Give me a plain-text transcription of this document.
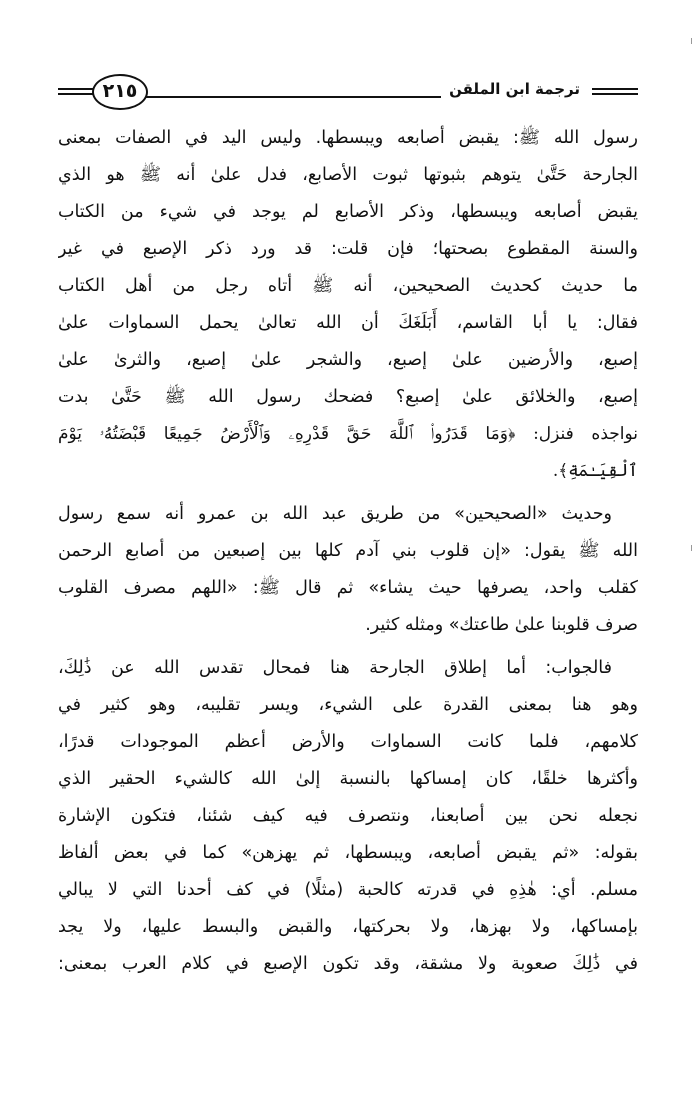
٢١٥	ترجمة ابن الملقن
رسول الله ﷺ: يقبض أصابعه ويبسطها. وليس اليد في الصفات بمعنى
الجارحة حَتَّىٰ يتوهم بثبوتها ثبوت الأصابع، فدل علىٰ أنه ﷺ هو الذي
يقبض أصابعه ويبسطها، وذكر الأصابع لم يوجد في شيء من الكتاب
والسنة المقطوع بصحتها؛ فإن قلت: قد ورد ذكر الإصبع في غير
ما حديث كحديث الصحيحين، أنه ﷺ أتاه رجل من أهل الكتاب
فقال: يا أبا القاسم، أَبَلَغَكَ أن الله تعالىٰ يحمل السماوات علىٰ
إصبع، والأرضين علىٰ إصبع، والشجر علىٰ إصبع، والثرىٰ علىٰ
إصبع، والخلائق علىٰ إصبع؟ فضحك رسول الله ﷺ حَتَّىٰ بدت
نواجذه فنزل: ﴿وَمَا قَدَرُوا۟ ٱللَّهَ حَقَّ قَدْرِهِۦ وَٱلْأَرْضُ جَمِيعًا قَبْضَتُهُۥ يَوْمَ
ٱلْقِيَـٰمَةِ﴾.
وحديث «الصحيحين» من طريق عبد الله بن عمرو أنه سمع رسول
الله ﷺ يقول: «إن قلوب بني آدم كلها بين إصبعين من أصابع الرحمن
كقلب واحد، يصرفها حيث يشاء» ثم قال ﷺ: «اللهم مصرف القلوب
صرف قلوبنا علىٰ طاعتك» ومثله كثير.
فالجواب: أما إطلاق الجارحة هنا فمحال تقدس الله عن ذَٰلِكَ،
وهو هنا بمعنى القدرة على الشيء، ويسر تقليبه، وهو كثير في
كلامهم، فلما كانت السماوات والأرض أعظم الموجودات قدرًا،
وأكثرها خلقًا، كان إمساكها بالنسبة إلىٰ الله كالشيء الحقير الذي
نجعله نحن بين أصابعنا، ونتصرف فيه كيف شئنا، فتكون الإشارة
بقوله: «ثم يقبض أصابعه، ويبسطها، ثم يهزهن» كما في بعض ألفاظ
مسلم. أي: هٰذِهِ في قدرته كالحبة (مثلًا) في كف أحدنا التي لا يبالي
بإمساكها، ولا بهزها، ولا بحركتها، والقبض والبسط عليها، ولا يجد
في ذَٰلِكَ صعوبة ولا مشقة، وقد تكون الإصبع في كلام العرب بمعنى:
